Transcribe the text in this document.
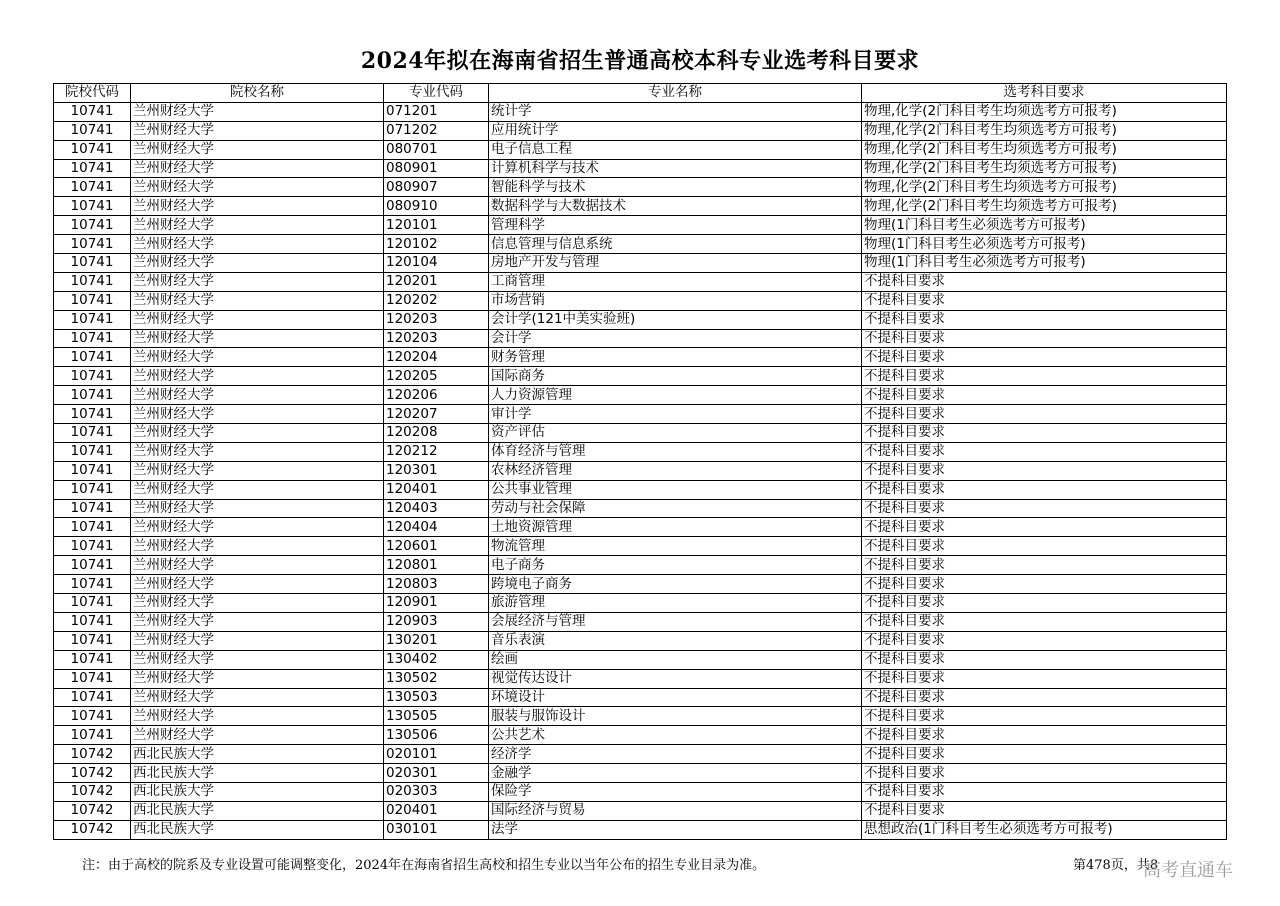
2024年拟在海南省招生普通高校本科专业选考科目要求
院校代码	院校名称	专业代码	专业名称	选考科目要求
10741	兰州财经大学	071201	统计学	物理,化学(2门科目考生均须选考方可报考)
10741	兰州财经大学	071202	应用统计学	物理,化学(2门科目考生均须选考方可报考)
10741	兰州财经大学	080701	电子信息工程	物理,化学(2门科目考生均须选考方可报考)
10741	兰州财经大学	080901	计算机科学与技术	物理,化学(2门科目考生均须选考方可报考)
10741	兰州财经大学	080907	智能科学与技术	物理,化学(2门科目考生均须选考方可报考)
10741	兰州财经大学	080910	数据科学与大数据技术	物理,化学(2门科目考生均须选考方可报考)
10741	兰州财经大学	120101	管理科学	物理(1门科目考生必须选考方可报考)
10741	兰州财经大学	120102	信息管理与信息系统	物理(1门科目考生必须选考方可报考)
10741	兰州财经大学	120104	房地产开发与管理	物理(1门科目考生必须选考方可报考)
10741	兰州财经大学	120201	工商管理	不提科目要求
10741	兰州财经大学	120202	市场营销	不提科目要求
10741	兰州财经大学	120203	会计学(121中美实验班)	不提科目要求
10741	兰州财经大学	120203	会计学	不提科目要求
10741	兰州财经大学	120204	财务管理	不提科目要求
10741	兰州财经大学	120205	国际商务	不提科目要求
10741	兰州财经大学	120206	人力资源管理	不提科目要求
10741	兰州财经大学	120207	审计学	不提科目要求
10741	兰州财经大学	120208	资产评估	不提科目要求
10741	兰州财经大学	120212	体育经济与管理	不提科目要求
10741	兰州财经大学	120301	农林经济管理	不提科目要求
10741	兰州财经大学	120401	公共事业管理	不提科目要求
10741	兰州财经大学	120403	劳动与社会保障	不提科目要求
10741	兰州财经大学	120404	土地资源管理	不提科目要求
10741	兰州财经大学	120601	物流管理	不提科目要求
10741	兰州财经大学	120801	电子商务	不提科目要求
10741	兰州财经大学	120803	跨境电子商务	不提科目要求
10741	兰州财经大学	120901	旅游管理	不提科目要求
10741	兰州财经大学	120903	会展经济与管理	不提科目要求
10741	兰州财经大学	130201	音乐表演	不提科目要求
10741	兰州财经大学	130402	绘画	不提科目要求
10741	兰州财经大学	130502	视觉传达设计	不提科目要求
10741	兰州财经大学	130503	环境设计	不提科目要求
10741	兰州财经大学	130505	服装与服饰设计	不提科目要求
10741	兰州财经大学	130506	公共艺术	不提科目要求
10742	西北民族大学	020101	经济学	不提科目要求
10742	西北民族大学	020301	金融学	不提科目要求
10742	西北民族大学	020303	保险学	不提科目要求
10742	西北民族大学	020401	国际经济与贸易	不提科目要求
10742	西北民族大学	030101	法学	思想政治(1门科目考生必须选考方可报考)
注：由于高校的院系及专业设置可能调整变化，2024年在海南省招生高校和招生专业以当年公布的招生专业目录为准。	第478页，共8
高考直通车
